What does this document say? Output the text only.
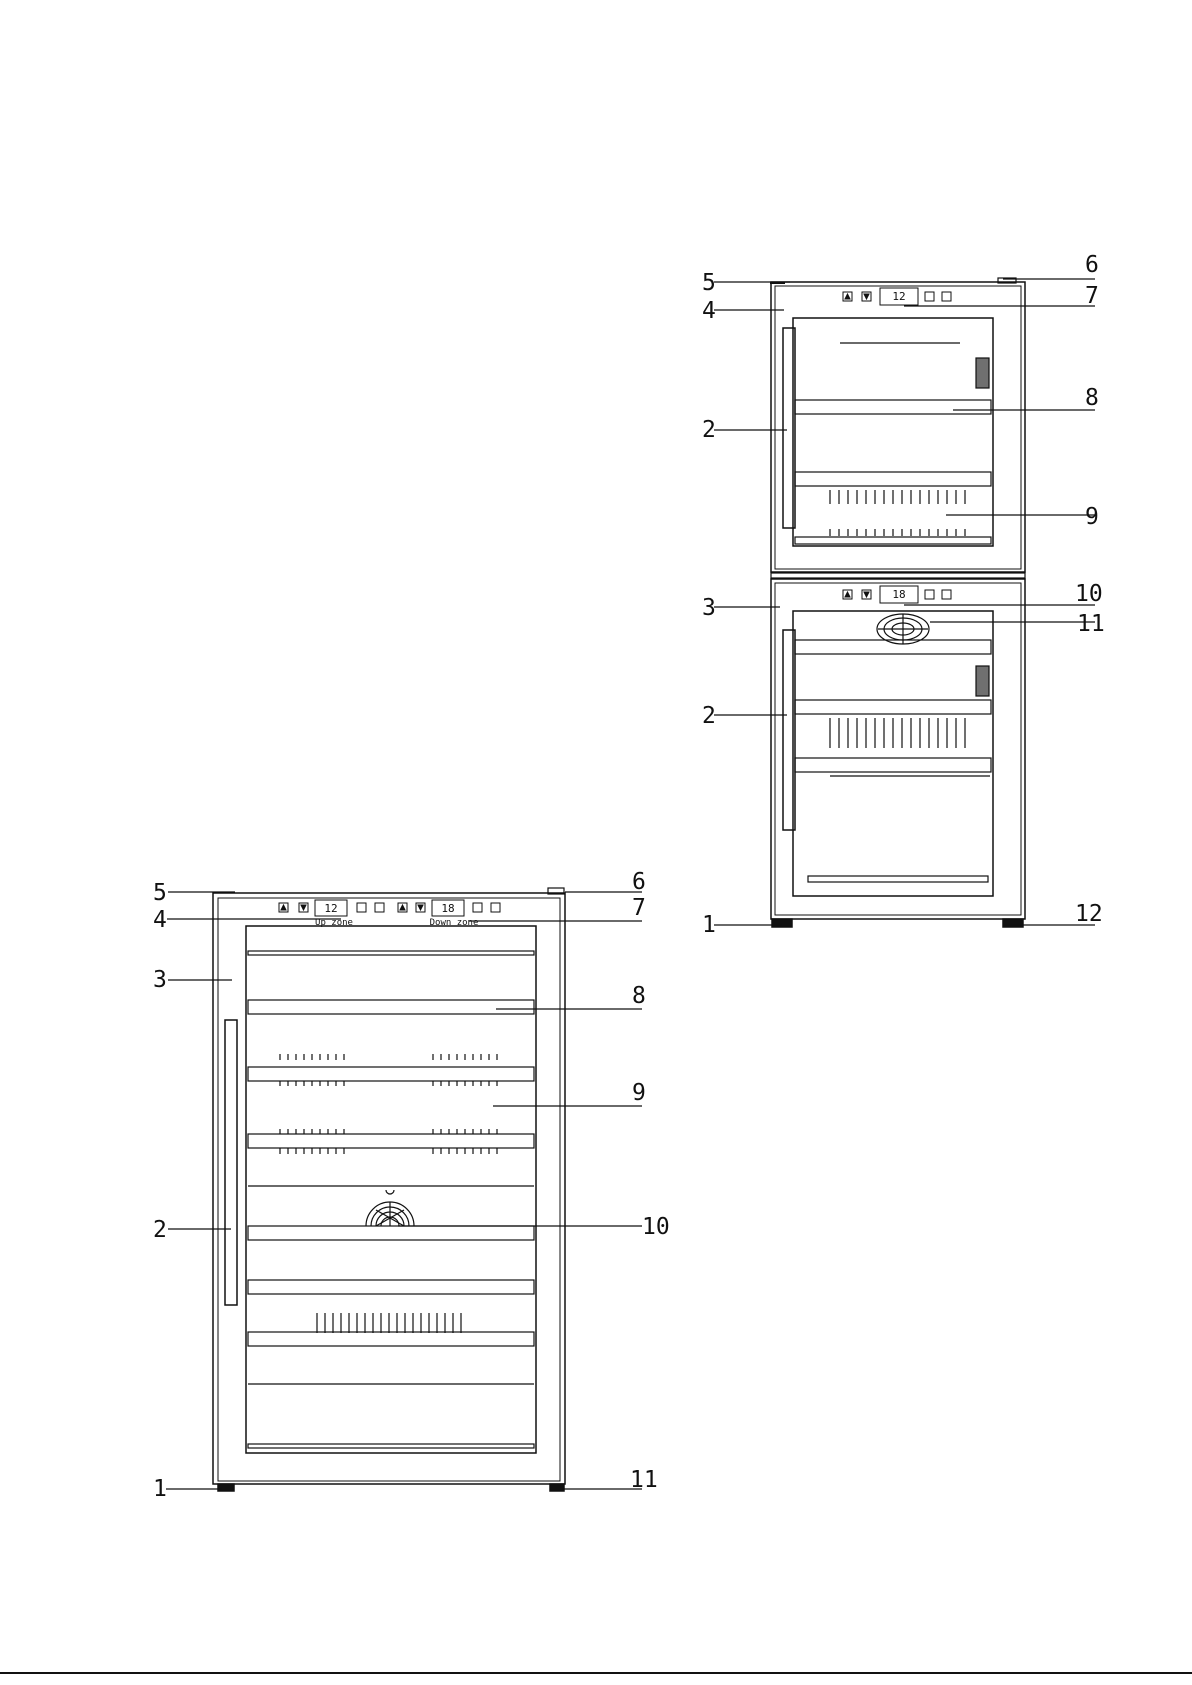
12	18
Up zone	Down zone
5
4
3
2
1
6
7
8
9
10
11
12
18
5
4
2
3
2
1
6
7
8
9
10
11
12
